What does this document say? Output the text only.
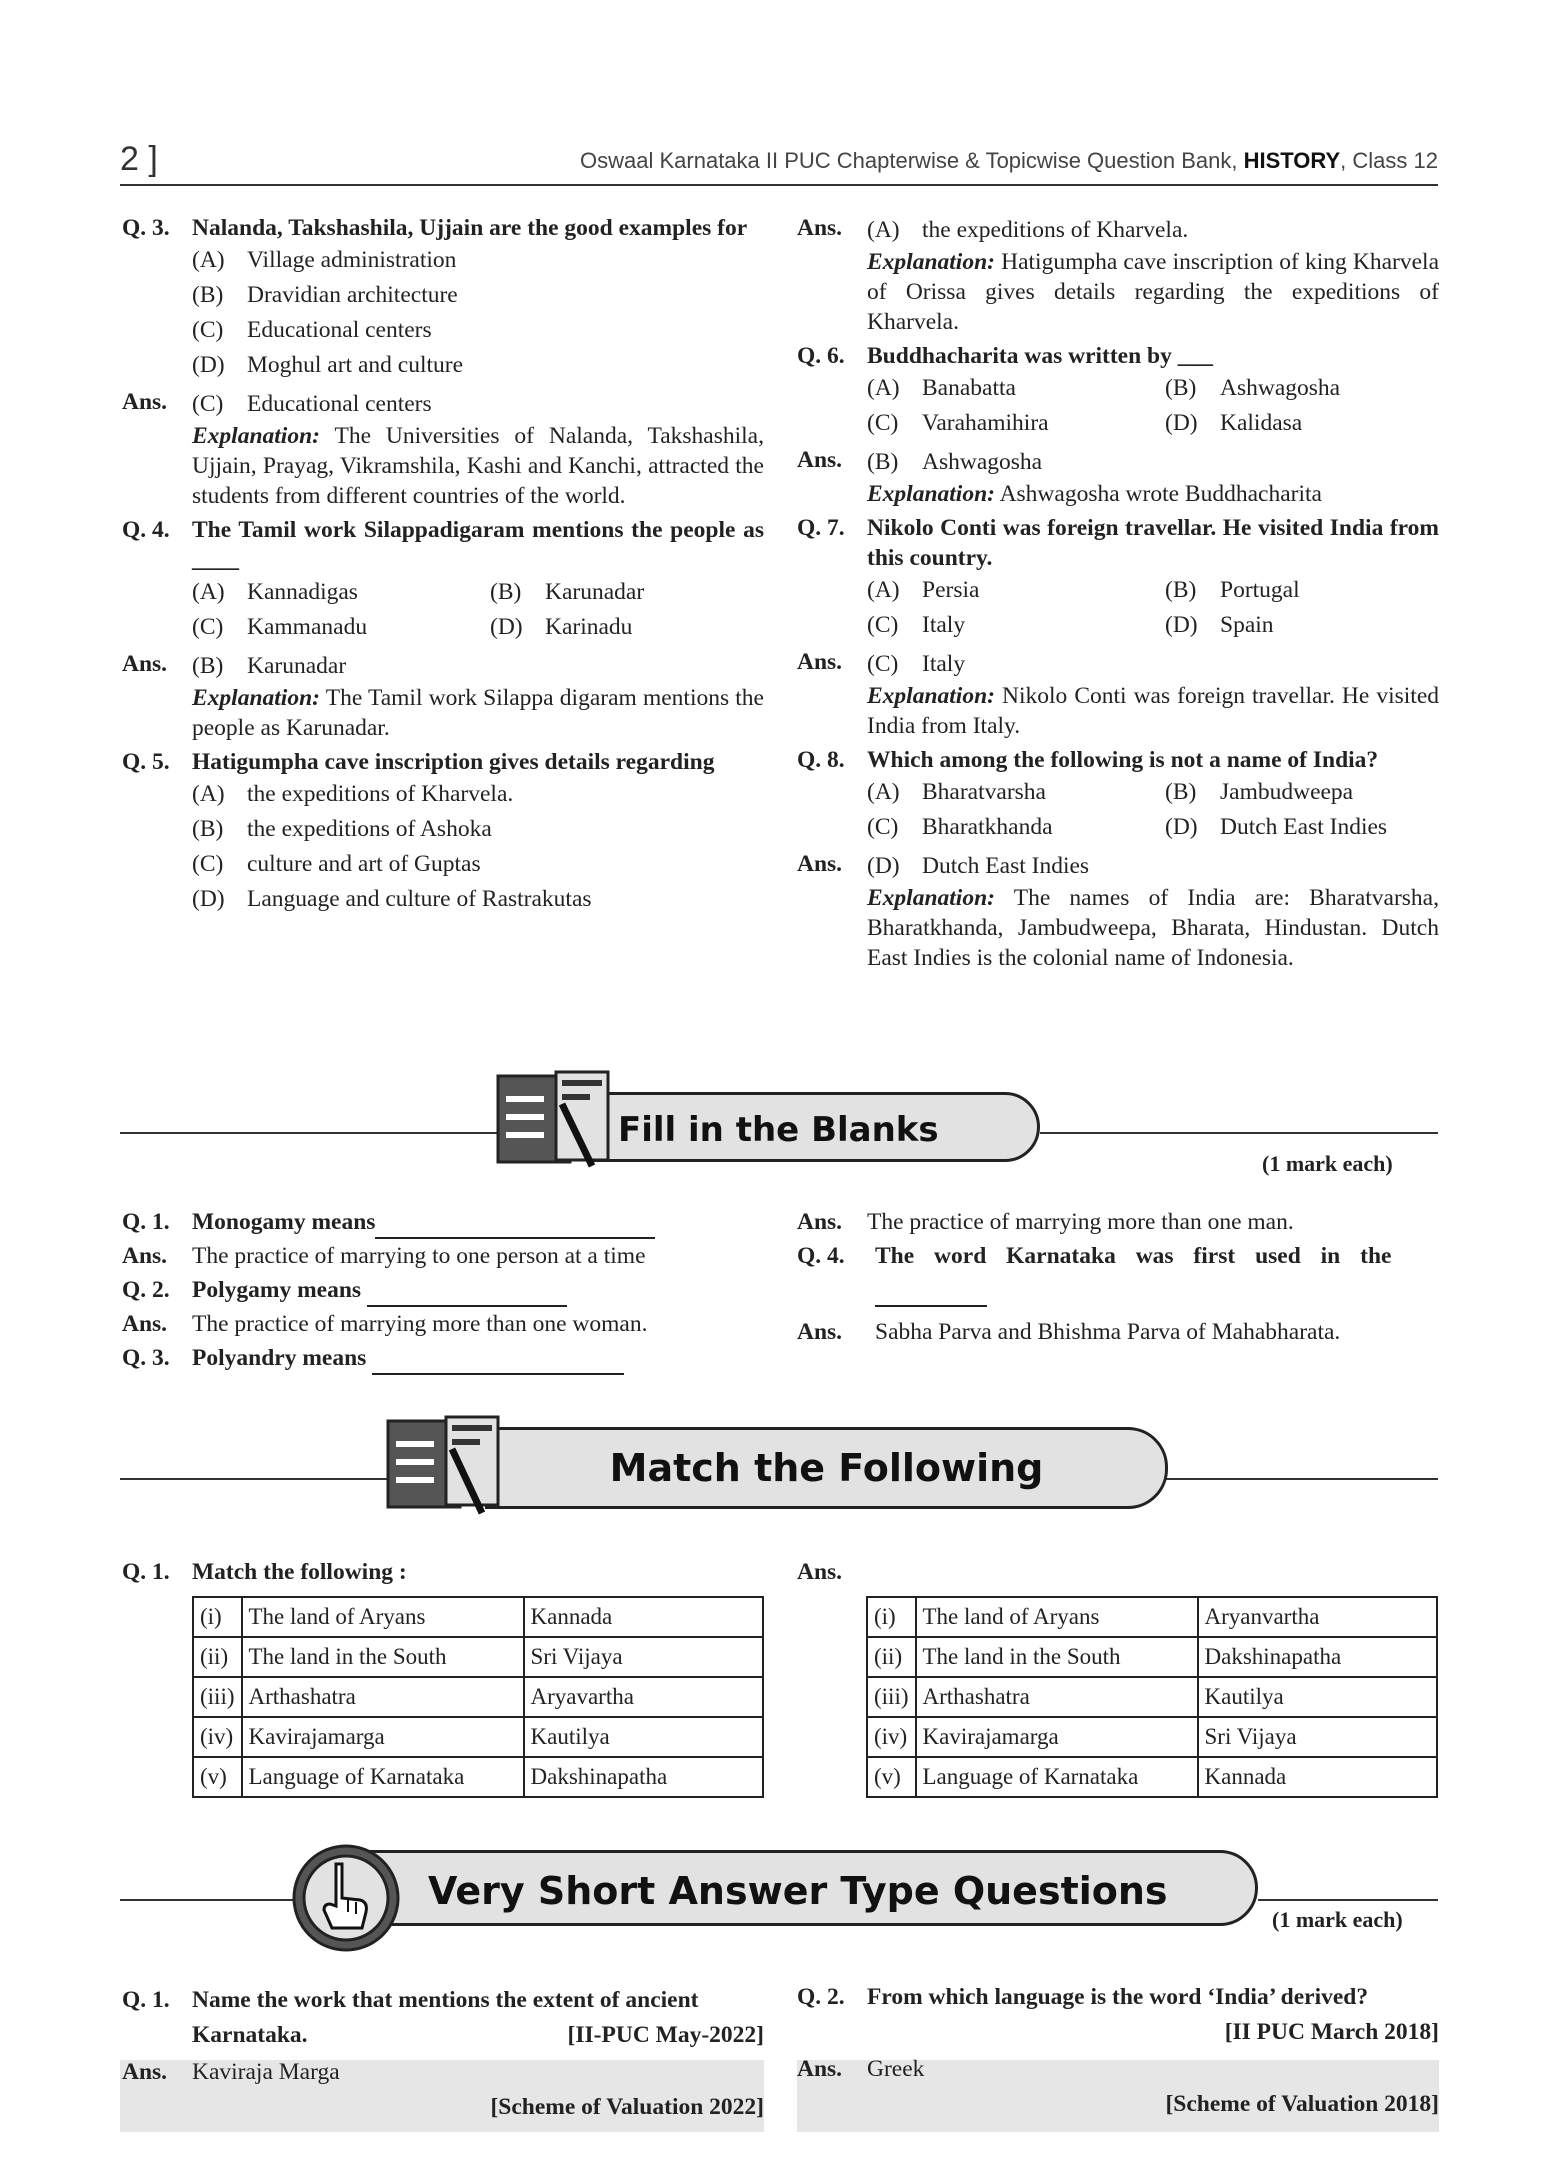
2 ]	Oswaal Karnataka II PUC Chapterwise & Topicwise Question Bank, HISTORY, Class 12
Q. 3. Nalanda, Takshashila, Ujjain are the good examples for
(A) Village administration
(B) Dravidian architecture
(C) Educational centers
(D) Moghul art and culture
Ans. (C) Educational centers
Explanation: The Universities of Nalanda, Takshashila, Ujjain, Prayag, Vikramshila, Kashi and Kanchi, attracted the students from different countries of the world.
Q. 4. The Tamil work Silappadigaram mentions the people as ____
(A) Kannadigas	(B) Karunadar
(C) Kammanadu	(D) Karinadu
Ans. (B) Karunadar
Explanation: The Tamil work Silappa digaram mentions the people as Karunadar.
Q. 5. Hatigumpha cave inscription gives details regarding
(A) the expeditions of Kharvela.
(B) the expeditions of Ashoka
(C) culture and art of Guptas
(D) Language and culture of Rastrakutas
Ans. (A) the expeditions of Kharvela.
Explanation: Hatigumpha cave inscription of king Kharvela of Orissa gives details regarding the expeditions of Kharvela.
Q. 6. Buddhacharita was written by ___
(A) Banabatta	(B) Ashwagosha
(C) Varahamihira	(D) Kalidasa
Ans. (B) Ashwagosha
Explanation: Ashwagosha wrote Buddhacharita
Q. 7. Nikolo Conti was foreign travellar. He visited India from this country.
(A) Persia	(B) Portugal
(C) Italy	(D) Spain
Ans. (C) Italy
Explanation: Nikolo Conti was foreign travellar. He visited India from Italy.
Q. 8. Which among the following is not a name of India?
(A) Bharatvarsha	(B) Jambudweepa
(C) Bharatkhanda	(D) Dutch East Indies
Ans. (D) Dutch East Indies
Explanation: The names of India are: Bharatvarsha, Bharatkhanda, Jambudweepa, Bharata, Hindustan. Dutch East Indies is the colonial name of Indonesia.
Fill in the Blanks
(1 mark each)
Q. 1. Monogamy means
Ans. The practice of marrying to one person at a time
Q. 2. Polygamy means
Ans. The practice of marrying more than one woman.
Q. 3. Polyandry means
Ans. The practice of marrying more than one man.
Q. 4. The word Karnataka was first used in the

Ans. Sabha Parva and Bhishma Parva of Mahabharata.
Match the Following
Q. 1. Match the following :	Ans.
(i)	The land of Aryans	Kannada
(ii)	The land in the South	Sri Vijaya
(iii)	Arthashatra	Aryavartha
(iv)	Kavirajamarga	Kautilya
(v)	Language of Karnataka	Dakshinapatha
(i)	The land of Aryans	Aryanvartha
(ii)	The land in the South	Dakshinapatha
(iii)	Arthashatra	Kautilya
(iv)	Kavirajamarga	Sri Vijaya
(v)	Language of Karnataka	Kannada
Very Short Answer Type Questions
(1 mark each)
Q. 1. Name the work that mentions the extent of ancient
Karnataka.	[II-PUC May-2022]
Ans. Kaviraja Marga
[Scheme of Valuation 2022]
Q. 2. From which language is the word ‘India’ derived?
[II PUC March 2018]
Ans. Greek
[Scheme of Valuation 2018]
